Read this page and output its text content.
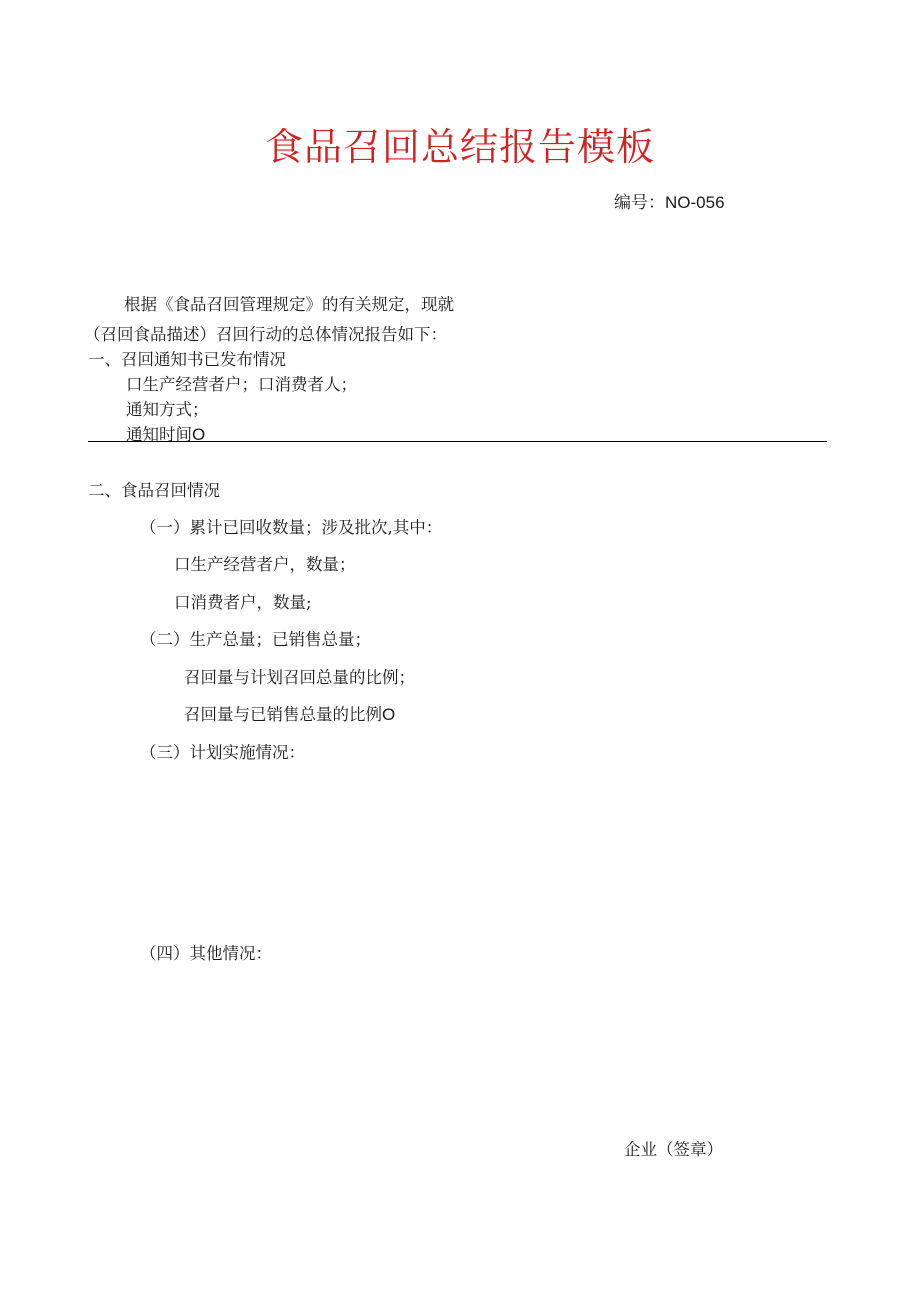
食品召回总结报告模板
编号：NO-056
根据《食品召回管理规定》的有关规定，现就
（召回食品描述）召回行动的总体情况报告如下：
一、召回通知书已发布情况
口生产经营者户；口消费者人；
通知方式；
通知时间O
二、食品召回情况
（一）累计已回收数量；涉及批次,其中：
口生产经营者户，数量；
口消费者户，数量;
（二）生产总量；已销售总量；
召回量与计划召回总量的比例；
召回量与已销售总量的比例O
（三）计划实施情况：
（四）其他情况：
企业（签章）
